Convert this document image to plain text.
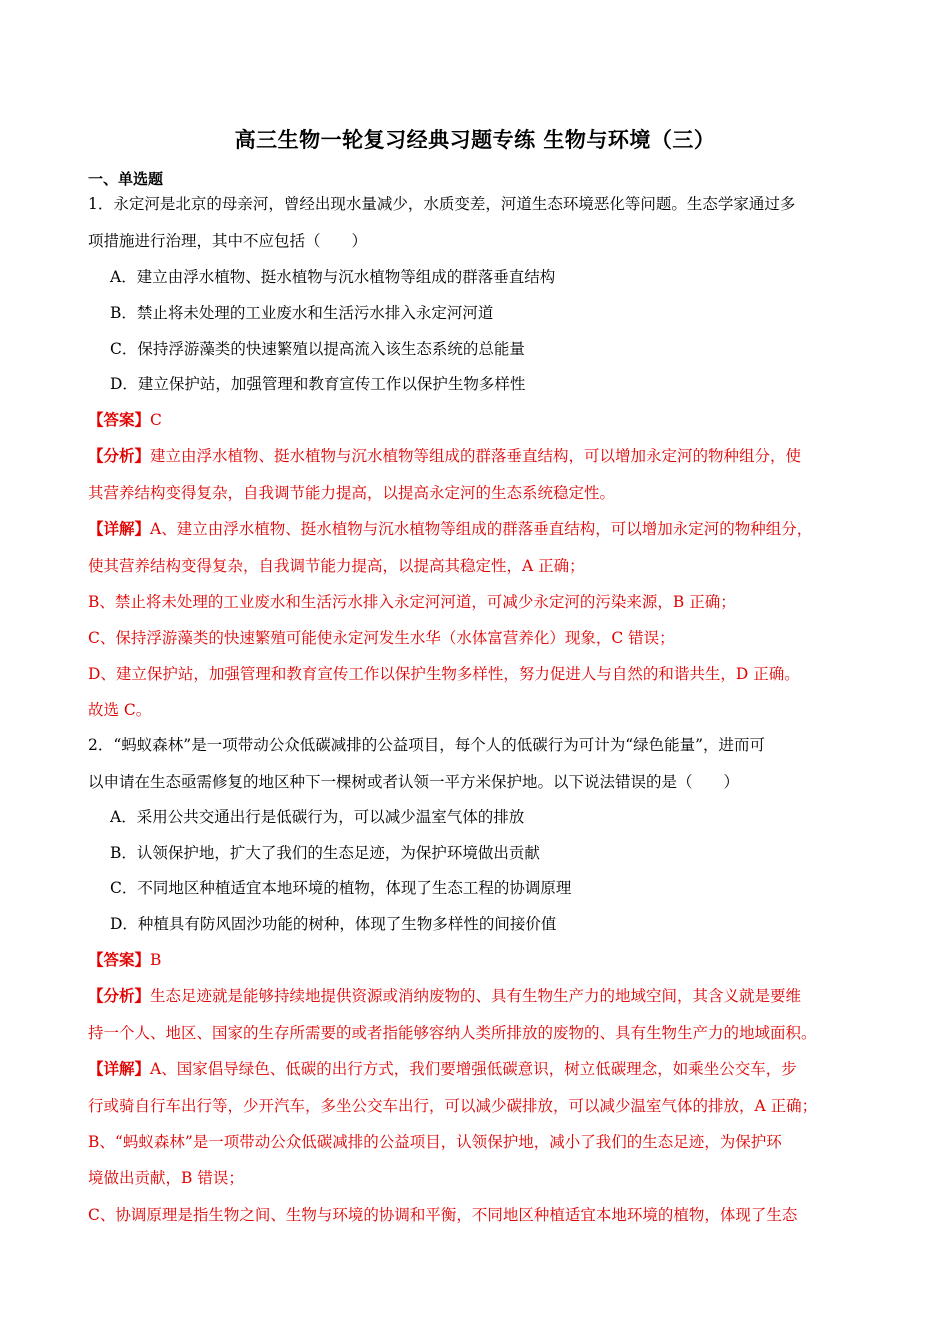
高三生物一轮复习经典习题专练 生物与环境（三）
一、单选题
1．永定河是北京的母亲河，曾经出现水量减少，水质变差，河道生态环境恶化等问题。生态学家通过多
项措施进行治理，其中不应包括（　　）
A．建立由浮水植物、挺水植物与沉水植物等组成的群落垂直结构
B．禁止将未处理的工业废水和生活污水排入永定河河道
C．保持浮游藻类的快速繁殖以提高流入该生态系统的总能量
D．建立保护站，加强管理和教育宣传工作以保护生物多样性
【答案】C
【分析】建立由浮水植物、挺水植物与沉水植物等组成的群落垂直结构，可以增加永定河的物种组分，使
其营养结构变得复杂，自我调节能力提高，以提高永定河的生态系统稳定性。
【详解】A、建立由浮水植物、挺水植物与沉水植物等组成的群落垂直结构，可以增加永定河的物种组分，
使其营养结构变得复杂，自我调节能力提高，以提高其稳定性，A 正确；
B、禁止将未处理的工业废水和生活污水排入永定河河道，可减少永定河的污染来源，B 正确；
C、保持浮游藻类的快速繁殖可能使永定河发生水华（水体富营养化）现象，C 错误；
D、建立保护站，加强管理和教育宣传工作以保护生物多样性，努力促进人与自然的和谐共生，D 正确。
故选 C。
2．“蚂蚁森林”是一项带动公众低碳减排的公益项目，每个人的低碳行为可计为“绿色能量”，进而可
以申请在生态亟需修复的地区种下一棵树或者认领一平方米保护地。以下说法错误的是（　　）
A．采用公共交通出行是低碳行为，可以减少温室气体的排放
B．认领保护地，扩大了我们的生态足迹，为保护环境做出贡献
C．不同地区种植适宜本地环境的植物，体现了生态工程的协调原理
D．种植具有防风固沙功能的树种，体现了生物多样性的间接价值
【答案】B
【分析】生态足迹就是能够持续地提供资源或消纳废物的、具有生物生产力的地域空间，其含义就是要维
持一个人、地区、国家的生存所需要的或者指能够容纳人类所排放的废物的、具有生物生产力的地域面积。
【详解】A、国家倡导绿色、低碳的出行方式，我们要增强低碳意识，树立低碳理念，如乘坐公交车，步
行或骑自行车出行等，少开汽车，多坐公交车出行，可以减少碳排放，可以减少温室气体的排放，A 正确；
B、“蚂蚁森林”是一项带动公众低碳减排的公益项目，认领保护地，减小了我们的生态足迹，为保护环
境做出贡献，B 错误；
C、协调原理是指生物之间、生物与环境的协调和平衡，不同地区种植适宜本地环境的植物，体现了生态
